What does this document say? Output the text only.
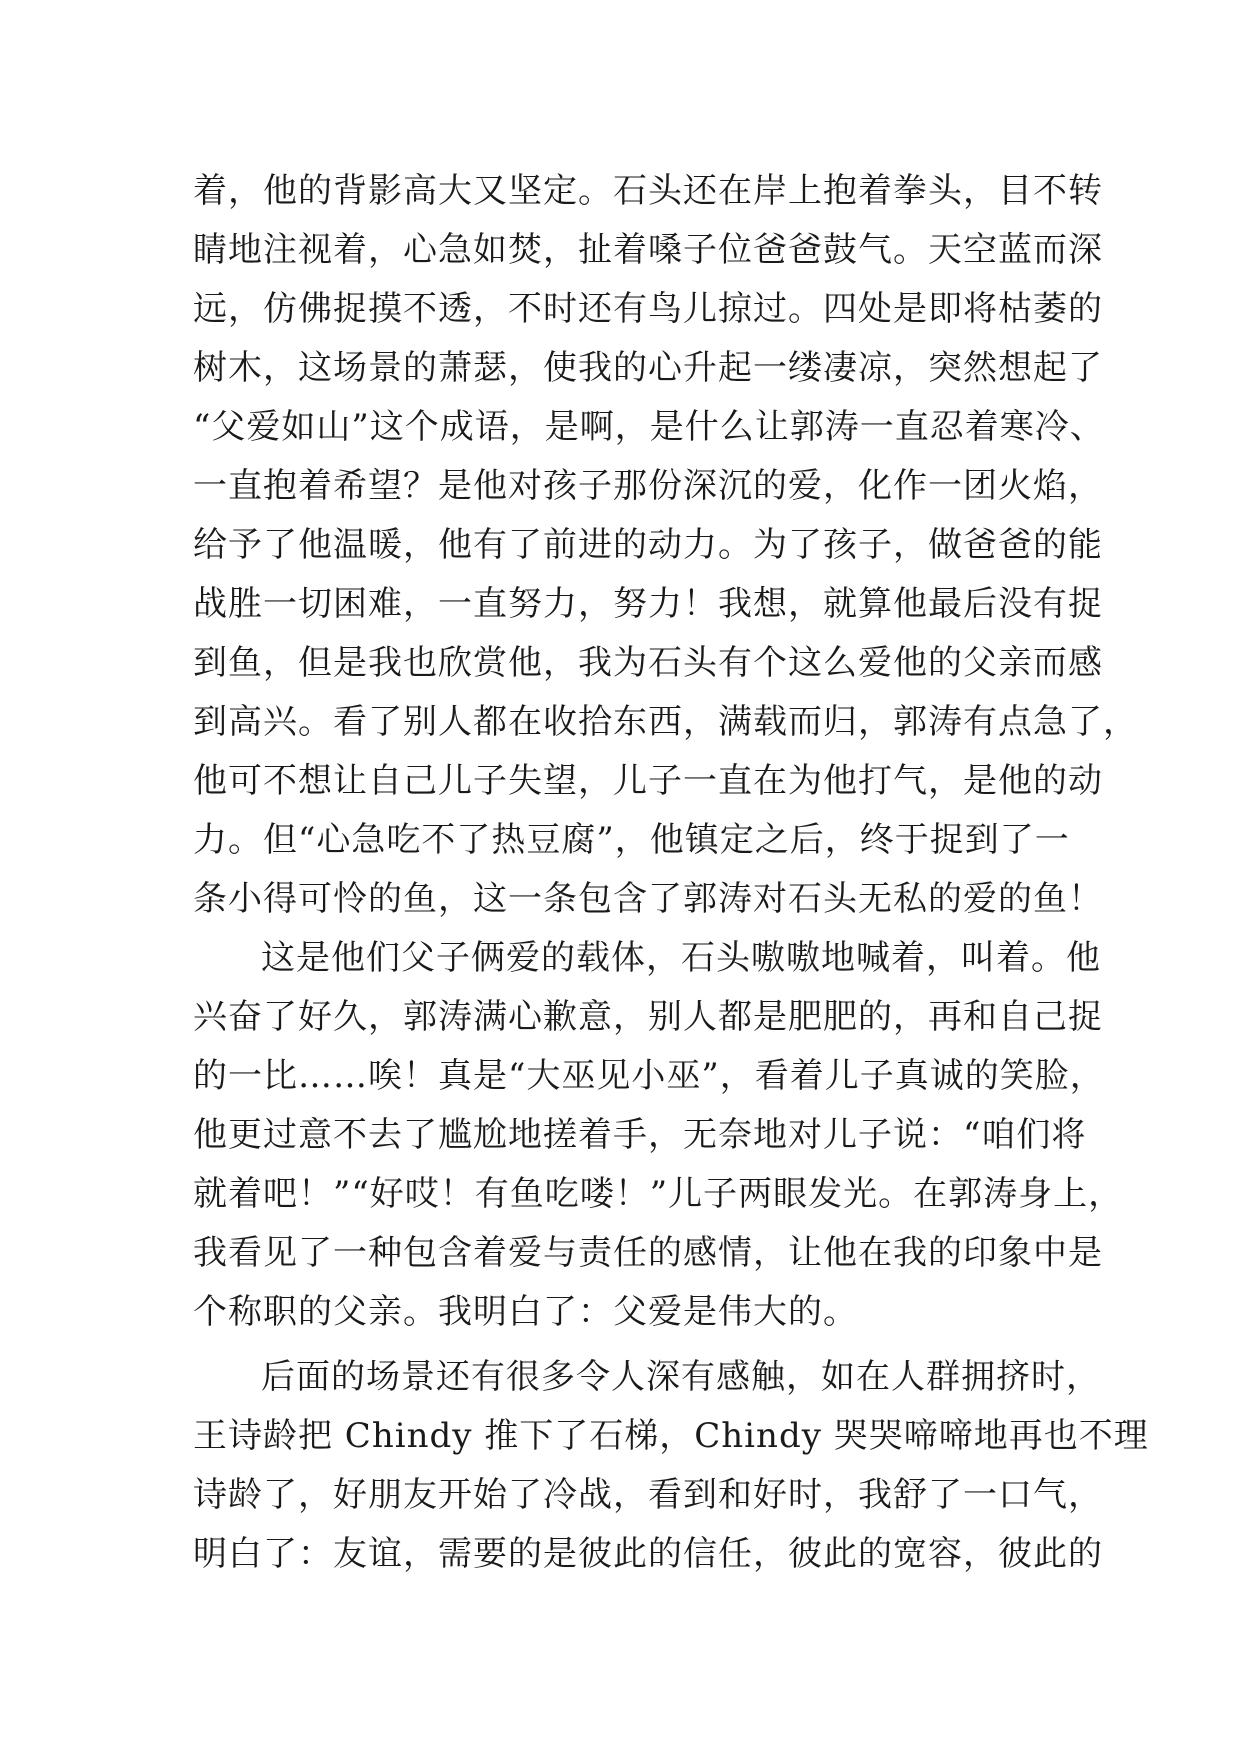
着，他的背影高大又坚定。石头还在岸上抱着拳头，目不转
睛地注视着，心急如焚，扯着嗓子位爸爸鼓气。天空蓝而深
远，仿佛捉摸不透，不时还有鸟儿掠过。四处是即将枯萎的
树木，这场景的萧瑟，使我的心升起一缕凄凉，突然想起了
“父爱如山”这个成语，是啊，是什么让郭涛一直忍着寒冷、
一直抱着希望？是他对孩子那份深沉的爱，化作一团火焰，
给予了他温暖，他有了前进的动力。为了孩子，做爸爸的能
战胜一切困难，一直努力，努力！我想，就算他最后没有捉
到鱼，但是我也欣赏他，我为石头有个这么爱他的父亲而感
到高兴。看了别人都在收拾东西，满载而归，郭涛有点急了，
他可不想让自己儿子失望，儿子一直在为他打气，是他的动
力。但“心急吃不了热豆腐”，他镇定之后，终于捉到了一
条小得可怜的鱼，这一条包含了郭涛对石头无私的爱的鱼！
这是他们父子俩爱的载体，石头嗷嗷地喊着，叫着。他
兴奋了好久，郭涛满心歉意，别人都是肥肥的，再和自己捉
的一比……唉！真是“大巫见小巫”，看着儿子真诚的笑脸，
他更过意不去了尴尬地搓着手，无奈地对儿子说：“咱们将
就着吧！”“好哎！有鱼吃喽！”儿子两眼发光。在郭涛身上，
我看见了一种包含着爱与责任的感情，让他在我的印象中是
个称职的父亲。我明白了：父爱是伟大的。
后面的场景还有很多令人深有感触，如在人群拥挤时，
王诗龄把 Chindy 推下了石梯，Chindy 哭哭啼啼地再也不理
诗龄了，好朋友开始了冷战，看到和好时，我舒了一口气，
明白了：友谊，需要的是彼此的信任，彼此的宽容，彼此的
